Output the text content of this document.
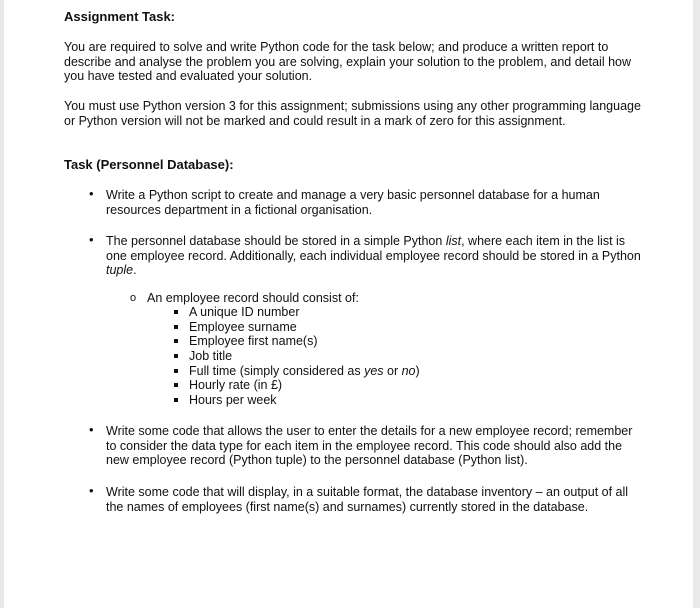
Assignment Task:
You are required to solve and write Python code for the task below; and produce a written report to describe and analyse the problem you are solving, explain your solution to the problem, and detail how you have tested and evaluated your solution.
You must use Python version 3 for this assignment; submissions using any other programming language or Python version will not be marked and could result in a mark of zero for this assignment.
Task (Personnel Database):
• Write a Python script to create and manage a very basic personnel database for a human resources department in a fictional organisation.
• The personnel database should be stored in a simple Python list, where each item in the list is one employee record. Additionally, each individual employee record should be stored in a Python tuple.
o An employee record should consist of:
A unique ID number
Employee surname
Employee first name(s)
Job title
Full time (simply considered as yes or no)
Hourly rate (in £)
Hours per week
• Write some code that allows the user to enter the details for a new employee record; remember to consider the data type for each item in the employee record. This code should also add the new employee record (Python tuple) to the personnel database (Python list).
• Write some code that will display, in a suitable format, the database inventory – an output of all the names of employees (first name(s) and surnames) currently stored in the database.
